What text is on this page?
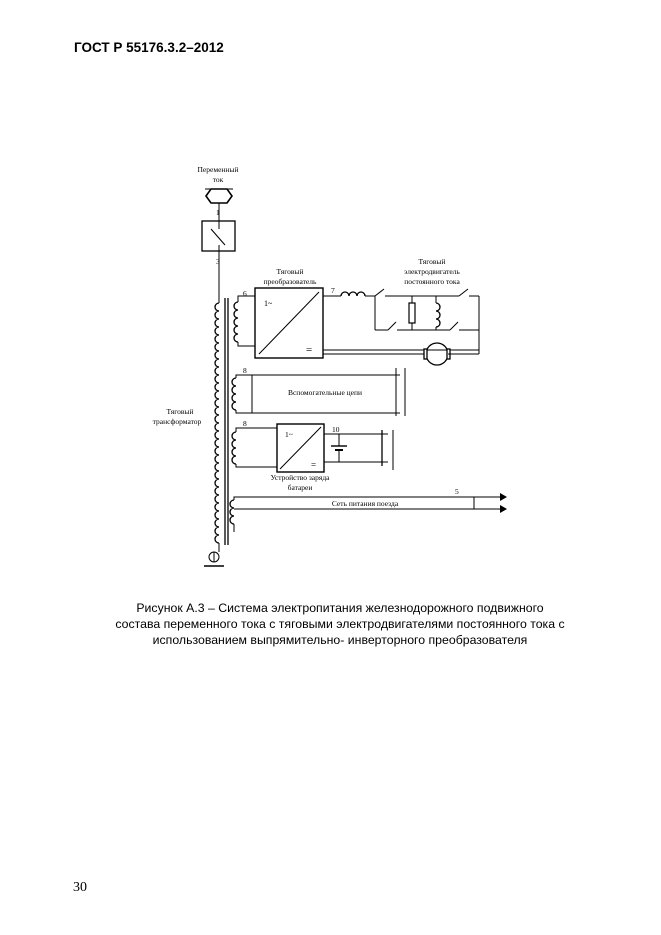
ГОСТ Р 55176.3.2–2012
Переменный
ток
1
3
Тяговый
трансформатор
6
Тяговый
преобразователь
1~
=
7
Тяговый
электродвигатель
постоянного тока
8
Вспомогательные цепи
8
1~
=
Устройство заряда
батареи
10
5
Сеть питания поезда
Рисунок А.3 – Система электропитания железнодорожного подвижного
состава переменного тока с тяговыми электродвигателями постоянного тока с
использованием выпрямительно- инверторного преобразователя
30
